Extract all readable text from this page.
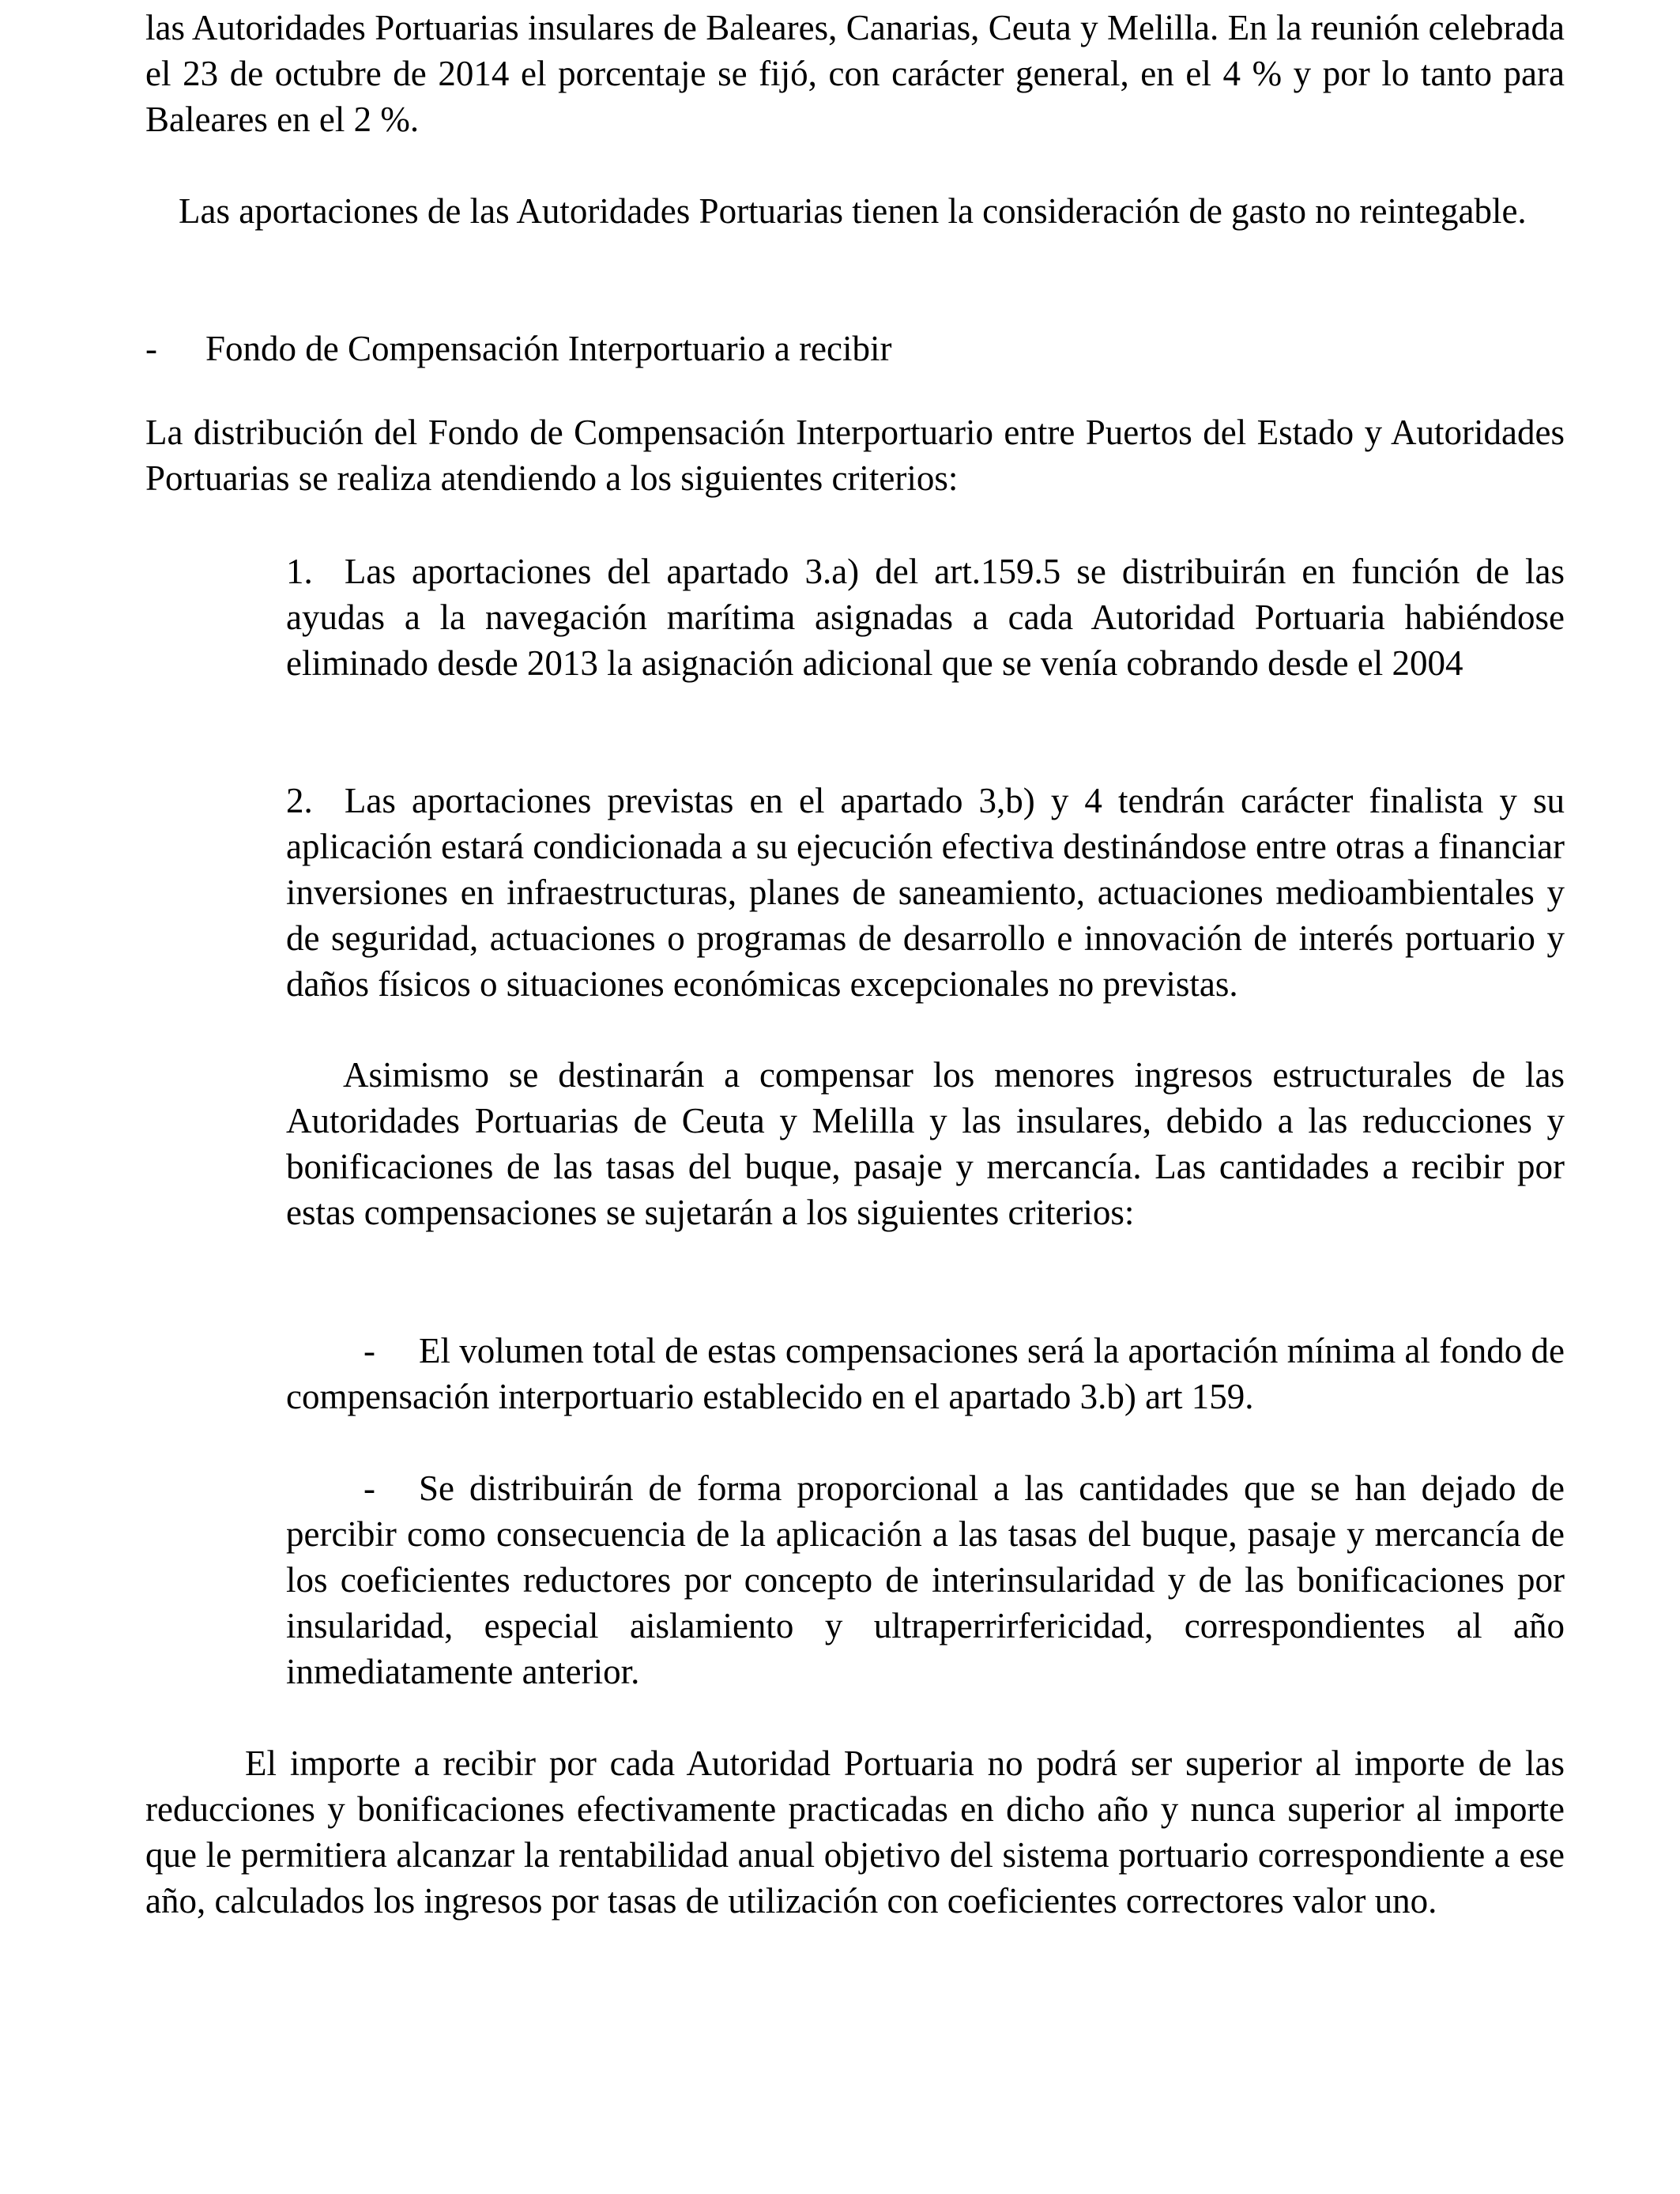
las Autoridades Portuarias insulares de Baleares, Canarias, Ceuta y Melilla. En la reunión celebrada el 23 de octubre de 2014 el porcentaje se fijó, con carácter general, en el 4 % y por lo tanto para Baleares en el 2 %.

Las aportaciones de las Autoridades Portuarias tienen la consideración de gasto no reintegable.

- Fondo de Compensación Interportuario a recibir

La distribución del Fondo de Compensación Interportuario entre Puertos del Estado y Autoridades Portuarias se realiza atendiendo a los siguientes criterios:

1. Las aportaciones del apartado 3.a) del art.159.5 se distribuirán en función de las ayudas a la navegación marítima asignadas a cada Autoridad Portuaria habiéndose eliminado desde 2013 la asignación adicional que se venía cobrando desde el 2004

2. Las aportaciones previstas en el apartado 3,b) y 4 tendrán carácter finalista y su aplicación estará condicionada a su ejecución efectiva destinándose entre otras a financiar inversiones en infraestructuras, planes de saneamiento, actuaciones medioambientales y de seguridad, actuaciones o programas de desarrollo e innovación de interés portuario y daños físicos o situaciones económicas excepcionales no previstas.

Asimismo se destinarán a compensar los menores ingresos estructurales de las Autoridades Portuarias de Ceuta y Melilla y las insulares, debido a las reducciones y bonificaciones de las tasas del buque, pasaje y mercancía. Las cantidades a recibir por estas compensaciones se sujetarán a los siguientes criterios:

- El volumen total de estas compensaciones será la aportación mínima al fondo de compensación interportuario establecido en el apartado 3.b) art 159.

- Se distribuirán de forma proporcional a las cantidades que se han dejado de percibir como consecuencia de la aplicación a las tasas del buque, pasaje y mercancía de los coeficientes reductores por concepto de interinsularidad y de las bonificaciones por insularidad, especial aislamiento y ultraperrirfericidad, correspondientes al año inmediatamente anterior.

El importe a recibir por cada Autoridad Portuaria no podrá ser superior al importe de las reducciones y bonificaciones efectivamente practicadas en dicho año y nunca superior al importe que le permitiera alcanzar la rentabilidad anual objetivo del sistema portuario correspondiente a ese año, calculados los ingresos por tasas de utilización con coeficientes correctores valor uno.
